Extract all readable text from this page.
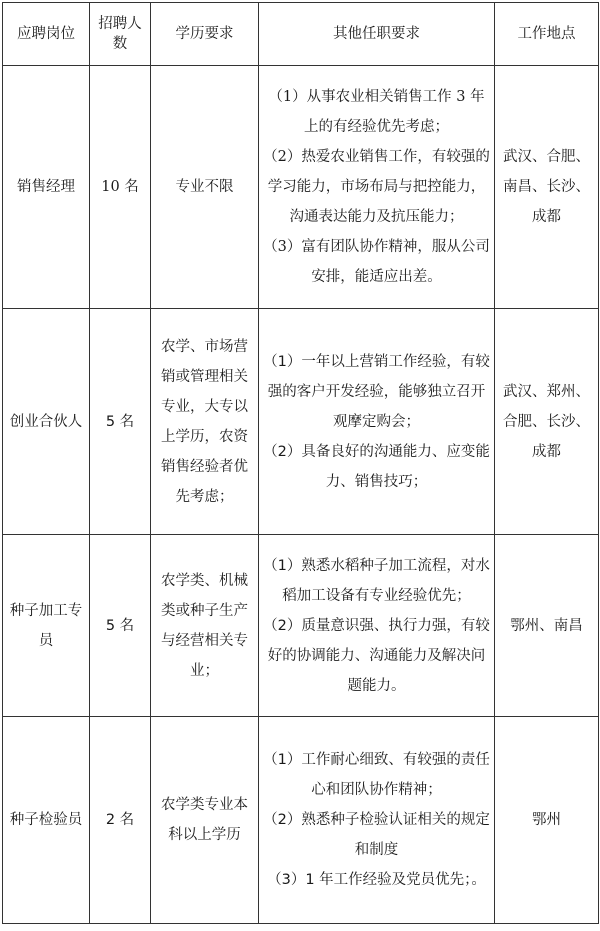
应聘岗位	招聘人数	学历要求	其他任职要求	工作地点
销售经理	10 名	专业不限	（1）从事农业相关销售工作 3 年上的有经验优先考虑；
（2）热爱农业销售工作，有较强的学习能力，市场布局与把控能力，沟通表达能力及抗压能力；
（3）富有团队协作精神，服从公司安排，能适应出差。	武汉、合肥、南昌、长沙、成都
创业合伙人	5 名	农学、市场营销或管理相关专业，大专以上学历，农资销售经验者优先考虑；	（1）一年以上营销工作经验，有较强的客户开发经验，能够独立召开观摩定购会；
（2）具备良好的沟通能力、应变能力、销售技巧；	武汉、郑州、合肥、长沙、成都
种子加工专员	5 名	农学类、机械类或种子生产与经营相关专业；	（1）熟悉水稻种子加工流程，对水稻加工设备有专业经验优先；
（2）质量意识强、执行力强，有较好的协调能力、沟通能力及解决问题能力。	鄂州、南昌
种子检验员	2 名	农学类专业本科以上学历	（1）工作耐心细致、有较强的责任心和团队协作精神；
（2）熟悉种子检验认证相关的规定和制度
（3）1 年工作经验及党员优先；。	鄂州
